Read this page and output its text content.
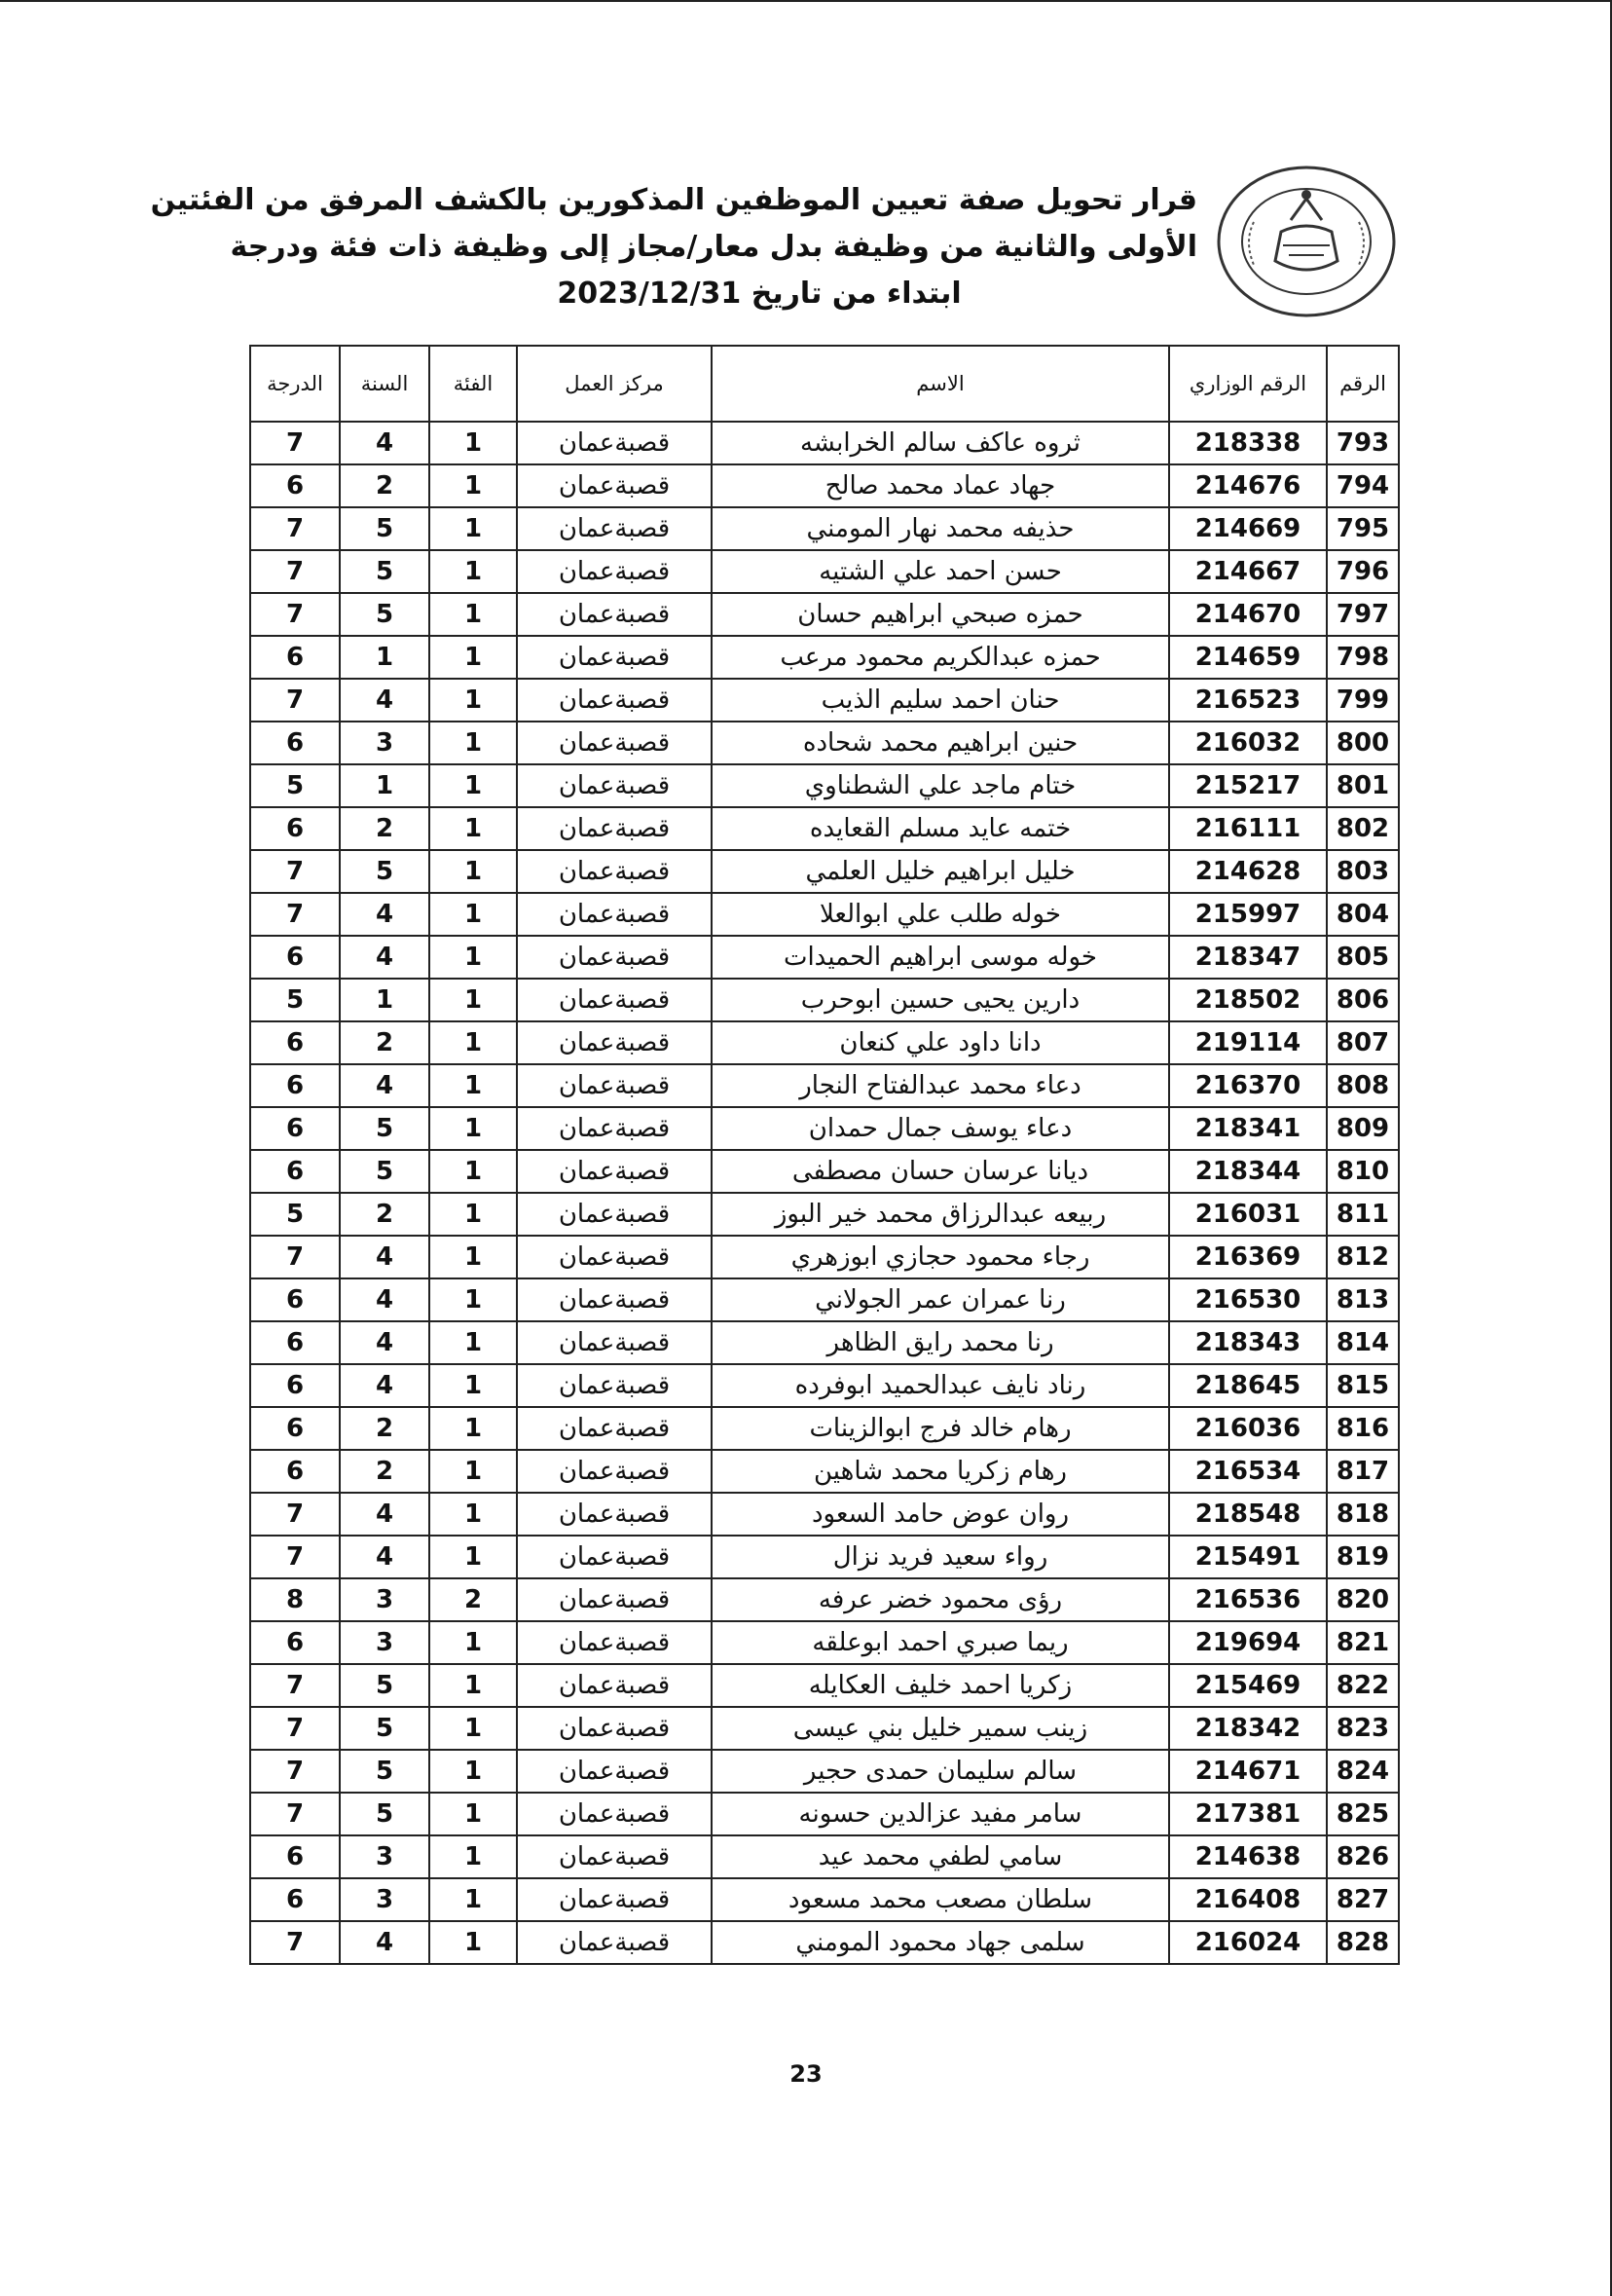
قرار تحويل صفة تعيين الموظفين المذكورين بالكشف المرفق من الفئتين
الأولى والثانية من وظيفة بدل معار/مجاز إلى وظيفة ذات فئة ودرجة
ابتداء من تاريخ 2023/12/31
الرقم	الرقم الوزاري	الاسم	مركز العمل	الفئة	السنة	الدرجة
793	218338	ثروه عاكف سالم الخرابشه	قصبةعمان	1	4	7
794	214676	جهاد عماد محمد صالح	قصبةعمان	1	2	6
795	214669	حذيفه محمد نهار المومني	قصبةعمان	1	5	7
796	214667	حسن احمد علي الشتيه	قصبةعمان	1	5	7
797	214670	حمزه صبحي ابراهيم حسان	قصبةعمان	1	5	7
798	214659	حمزه عبدالكريم محمود مرعب	قصبةعمان	1	1	6
799	216523	حنان احمد سليم الذيب	قصبةعمان	1	4	7
800	216032	حنين ابراهيم محمد شحاده	قصبةعمان	1	3	6
801	215217	ختام ماجد علي الشطناوي	قصبةعمان	1	1	5
802	216111	ختمه عايد مسلم القعايده	قصبةعمان	1	2	6
803	214628	خليل ابراهيم خليل العلمي	قصبةعمان	1	5	7
804	215997	خوله طلب علي ابوالعلا	قصبةعمان	1	4	7
805	218347	خوله موسى ابراهيم الحميدات	قصبةعمان	1	4	6
806	218502	دارين يحيى حسين ابوحرب	قصبةعمان	1	1	5
807	219114	دانا داود علي كنعان	قصبةعمان	1	2	6
808	216370	دعاء محمد عبدالفتاح النجار	قصبةعمان	1	4	6
809	218341	دعاء يوسف جمال حمدان	قصبةعمان	1	5	6
810	218344	ديانا عرسان حسان مصطفى	قصبةعمان	1	5	6
811	216031	ربيعه عبدالرزاق محمد خير البوز	قصبةعمان	1	2	5
812	216369	رجاء محمود حجازي ابوزهري	قصبةعمان	1	4	7
813	216530	رنا عمران عمر الجولاني	قصبةعمان	1	4	6
814	218343	رنا محمد رايق الظاهر	قصبةعمان	1	4	6
815	218645	رناد نايف عبدالحميد ابوفرده	قصبةعمان	1	4	6
816	216036	رهام خالد فرج ابوالزينات	قصبةعمان	1	2	6
817	216534	رهام زكريا محمد شاهين	قصبةعمان	1	2	6
818	218548	روان عوض حامد السعود	قصبةعمان	1	4	7
819	215491	رواء سعيد فريد نزال	قصبةعمان	1	4	7
820	216536	رؤى محمود خضر عرفه	قصبةعمان	2	3	8
821	219694	ريما صبري احمد ابوعلقه	قصبةعمان	1	3	6
822	215469	زكريا احمد خليف العكايله	قصبةعمان	1	5	7
823	218342	زينب سمير خليل بني عيسى	قصبةعمان	1	5	7
824	214671	سالم سليمان حمدى حجير	قصبةعمان	1	5	7
825	217381	سامر مفيد عزالدين حسونه	قصبةعمان	1	5	7
826	214638	سامي لطفي محمد عيد	قصبةعمان	1	3	6
827	216408	سلطان مصعب محمد مسعود	قصبةعمان	1	3	6
828	216024	سلمى جهاد محمود المومني	قصبةعمان	1	4	7
23
